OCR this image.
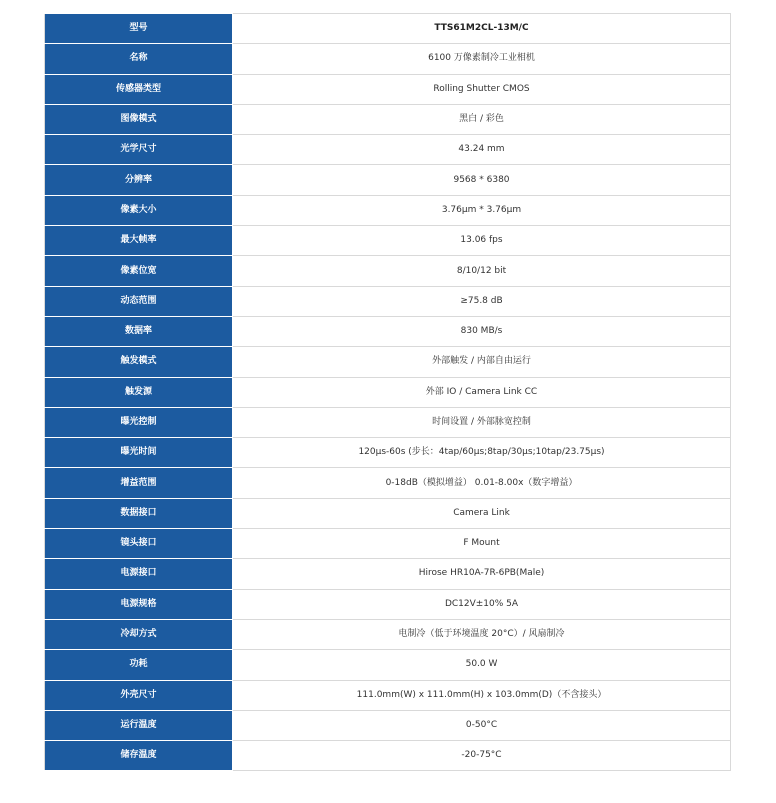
型号	TTS61M2CL-13M/C
名称	6100 万像素制冷工业相机
传感器类型	Rolling Shutter CMOS
图像模式	黑白 / 彩色
光学尺寸	43.24 mm
分辨率	9568 * 6380
像素大小	3.76μm * 3.76μm
最大帧率	13.06 fps
像素位宽	8/10/12 bit
动态范围	≥75.8 dB
数据率	830 MB/s
触发模式	外部触发 / 内部自由运行
触发源	外部 IO / Camera Link CC
曝光控制	时间设置 / 外部脉宽控制
曝光时间	120μs-60s (步长：4tap/60μs;8tap/30μs;10tap/23.75μs)
增益范围	0-18dB（模拟增益） 0.01-8.00x（数字增益）
数据接口	Camera Link
镜头接口	F Mount
电源接口	Hirose HR10A-7R-6PB(Male)
电源规格	DC12V±10% 5A
冷却方式	电制冷（低于环境温度 20°C）/ 风扇制冷
功耗	50.0 W
外壳尺寸	111.0mm(W) x 111.0mm(H) x 103.0mm(D)（不含接头）
运行温度	0-50°C
储存温度	-20-75°C
